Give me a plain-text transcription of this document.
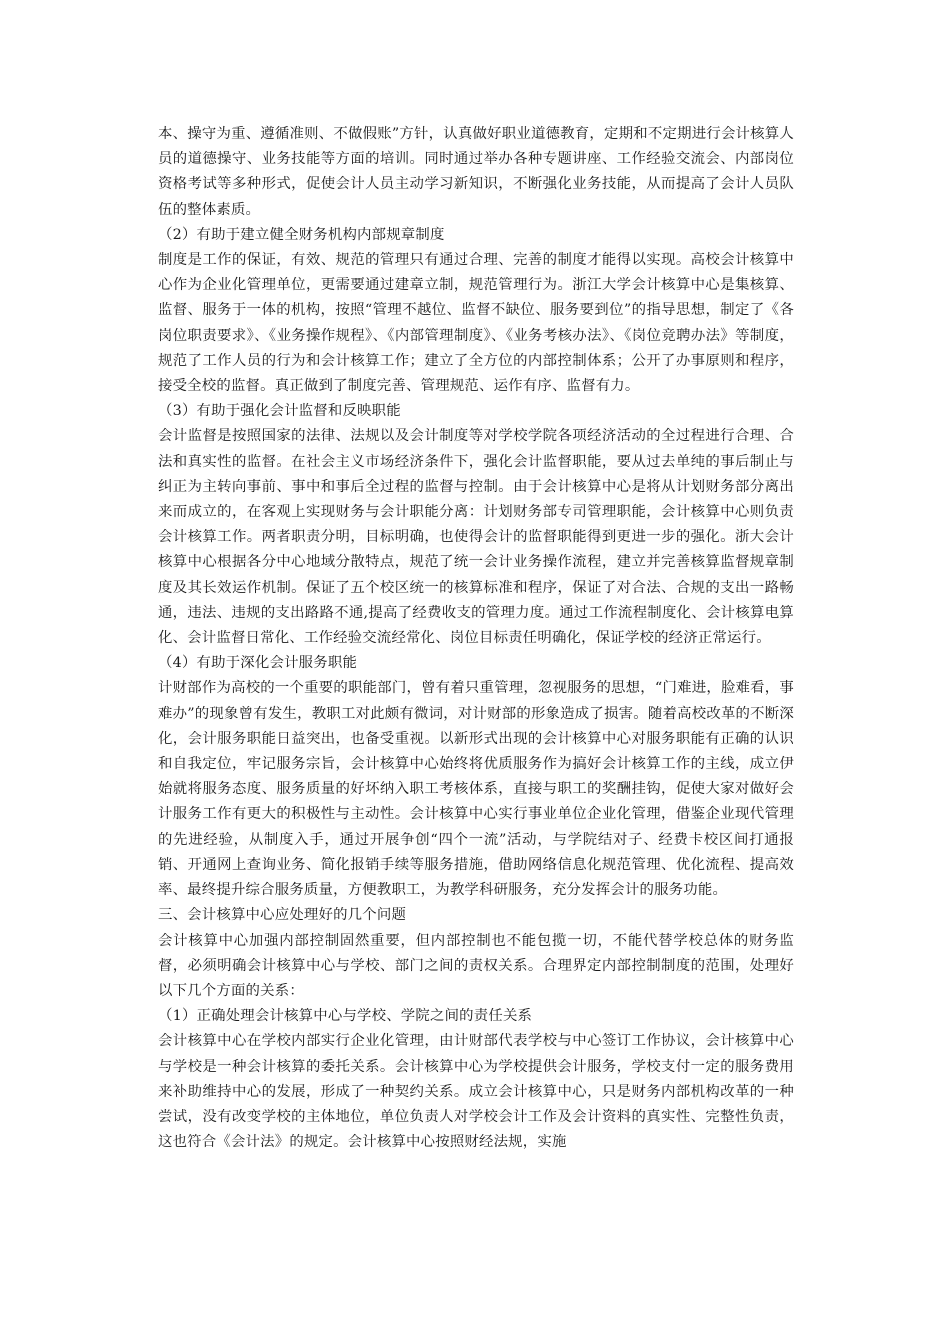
本、操守为重、遵循准则、不做假账”方针，认真做好职业道德教育，定期和不定期进行会计核算人员的道德操守、业务技能等方面的培训。同时通过举办各种专题讲座、工作经验交流会、内部岗位资格考试等多种形式，促使会计人员主动学习新知识，不断强化业务技能，从而提高了会计人员队伍的整体素质。

（2）有助于建立健全财务机构内部规章制度

制度是工作的保证，有效、规范的管理只有通过合理、完善的制度才能得以实现。高校会计核算中心作为企业化管理单位，更需要通过建章立制，规范管理行为。浙江大学会计核算中心是集核算、监督、服务于一体的机构，按照“管理不越位、监督不缺位、服务要到位”的指导思想，制定了《各岗位职责要求》、《业务操作规程》、《内部管理制度》、《业务考核办法》、《岗位竞聘办法》等制度，规范了工作人员的行为和会计核算工作；建立了全方位的内部控制体系；公开了办事原则和程序，接受全校的监督。真正做到了制度完善、管理规范、运作有序、监督有力。

（3）有助于强化会计监督和反映职能

会计监督是按照国家的法律、法规以及会计制度等对学校学院各项经济活动的全过程进行合理、合法和真实性的监督。在社会主义市场经济条件下，强化会计监督职能，要从过去单纯的事后制止与纠正为主转向事前、事中和事后全过程的监督与控制。由于会计核算中心是将从计划财务部分离出来而成立的，在客观上实现财务与会计职能分离：计划财务部专司管理职能，会计核算中心则负责会计核算工作。两者职责分明，目标明确，也使得会计的监督职能得到更进一步的强化。浙大会计核算中心根据各分中心地域分散特点，规范了统一会计业务操作流程，建立并完善核算监督规章制度及其长效运作机制。保证了五个校区统一的核算标准和程序，保证了对合法、合规的支出一路畅通，违法、违规的支出路路不通,提高了经费收支的管理力度。通过工作流程制度化、会计核算电算化、会计监督日常化、工作经验交流经常化、岗位目标责任明确化，保证学校的经济正常运行。

（4）有助于深化会计服务职能

计财部作为高校的一个重要的职能部门，曾有着只重管理，忽视服务的思想，“门难进，脸难看，事难办”的现象曾有发生，教职工对此颇有微词，对计财部的形象造成了损害。随着高校改革的不断深化，会计服务职能日益突出，也备受重视。以新形式出现的会计核算中心对服务职能有正确的认识和自我定位，牢记服务宗旨，会计核算中心始终将优质服务作为搞好会计核算工作的主线，成立伊始就将服务态度、服务质量的好坏纳入职工考核体系，直接与职工的奖酬挂钩，促使大家对做好会计服务工作有更大的积极性与主动性。会计核算中心实行事业单位企业化管理，借鉴企业现代管理的先进经验，从制度入手，通过开展争创“四个一流”活动，与学院结对子、经费卡校区间打通报销、开通网上查询业务、简化报销手续等服务措施，借助网络信息化规范管理、优化流程、提高效率、最终提升综合服务质量，方便教职工，为教学科研服务，充分发挥会计的服务功能。

三、会计核算中心应处理好的几个问题

会计核算中心加强内部控制固然重要，但内部控制也不能包揽一切，不能代替学校总体的财务监督，必须明确会计核算中心与学校、部门之间的责权关系。合理界定内部控制制度的范围，处理好以下几个方面的关系：

（1）正确处理会计核算中心与学校、学院之间的责任关系

会计核算中心在学校内部实行企业化管理，由计财部代表学校与中心签订工作协议，会计核算中心与学校是一种会计核算的委托关系。会计核算中心为学校提供会计服务，学校支付一定的服务费用来补助维持中心的发展，形成了一种契约关系。成立会计核算中心，只是财务内部机构改革的一种尝试，没有改变学校的主体地位，单位负责人对学校会计工作及会计资料的真实性、完整性负责，这也符合《会计法》的规定。会计核算中心按照财经法规，实施
